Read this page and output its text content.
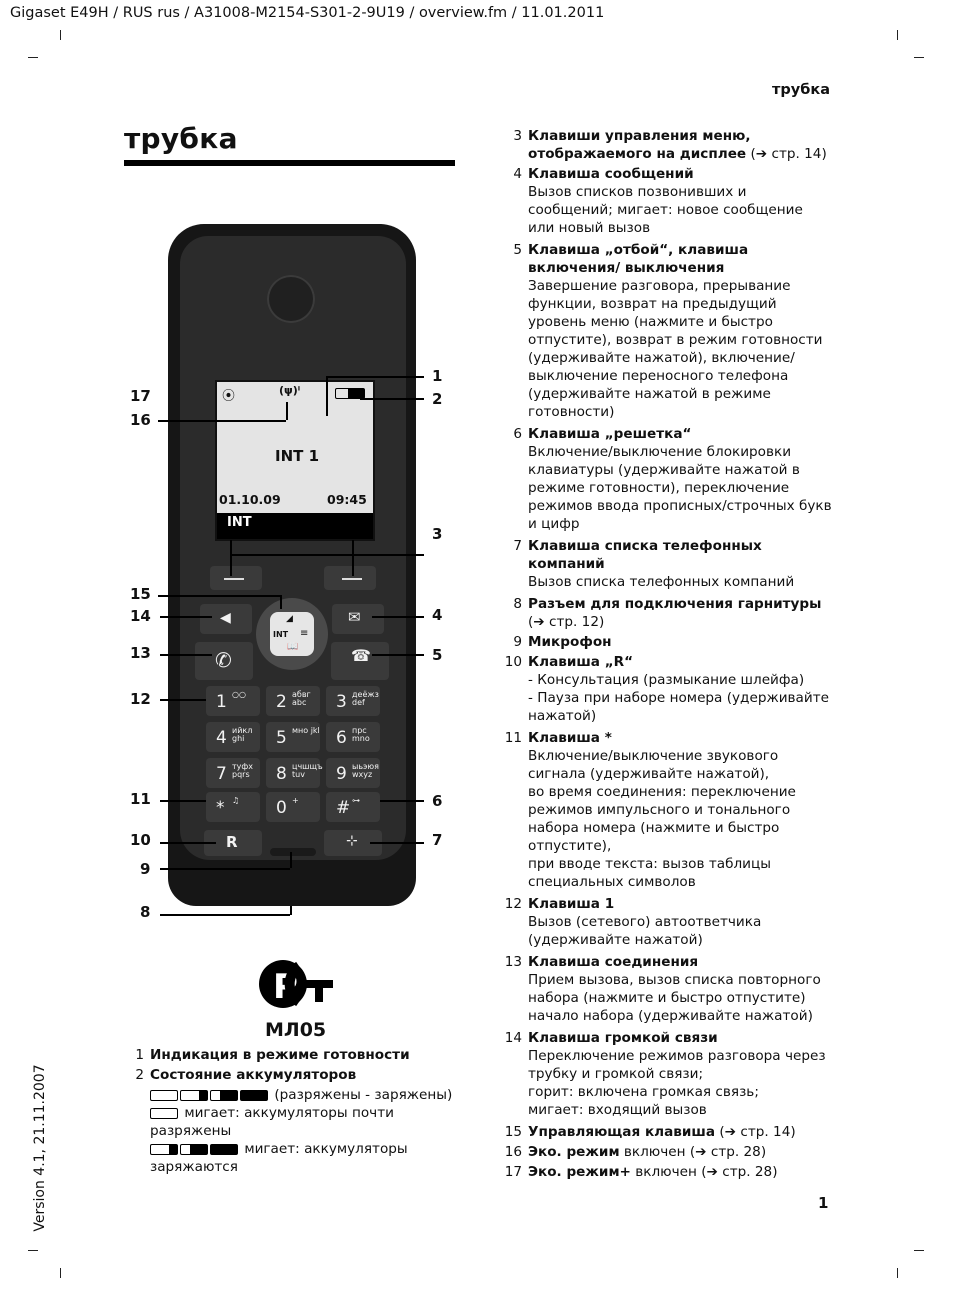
Gigaset E49H / RUS rus / A31008-M2154-S301-2-9U19 / overview.fm / 11.01.2011
трубка
трубка
Version 4.1, 21.11.2007	1
⦿	(ψ)ⁱ
INT 1
01.10.09	09:45
INT
◀	✉
✆	☎
INT
📖
≡
◢
R	⊹
1
2
3
4
5
6
7
8
9
10
11
12
13
14
15
16
17
Р
МЛ05
1 Индикация в режиме готовности
2 Состояние аккумуляторов
(разряжены - заряжены)
мигает: аккумуляторы почти разряжены
мигает: аккумуляторы заряжаются
3 Клавиши управления меню, отображаемого на дисплее (➔ стр. 14)
4 Клавиша сообщений
Вызов списков позвонивших и сообщений; мигает: новое сообщение или новый вызов
5 Клавиша „отбой“, клавиша включения/ выключения
Завершение разговора, прерывание функции, возврат на предыдущий уровень меню (нажмите и быстро отпустите), возврат в режим готовности (удерживайте нажатой), включение/выключение переносного телефона (удерживайте нажатой в режиме готовности)
6 Клавиша „решетка“
Включение/выключение блокировки клавиатуры (удерживайте нажатой в режиме готовности), переключение режимов ввода прописных/строчных букв и цифр
7 Клавиша списка телефонных компаний
Вызов списка телефонных компаний
8 Разъем для подключения гарнитуры
(➔ стр. 12)
9 Микрофон
10 Клавиша „R“
- Консультация (размыкание шлейфа)
- Пауза при наборе номера (удерживайте нажатой)
11 Клавиша *
Включение/выключение звукового сигнала (удерживайте нажатой),
во время соединения: переключение режимов импульсного и тонального набора номера (нажмите и быстро отпустите),
при вводе текста: вызов таблицы специальных символов
12 Клавиша 1
Вызов (сетевого) автоответчика (удерживайте нажатой)
13 Клавиша соединения
Прием вызова, вызов списка повторного набора (нажмите и быстро отпустите) начало набора (удерживайте нажатой)
14 Клавиша громкой связи
Переключение режимов разговора через трубку и громкой связи;
горит: включена громкая связь;
мигает: входящий вызов
15 Управляющая клавиша (➔ стр. 14)
16 Эко. режим включен (➔ стр. 28)
17 Эко. режим+ включен (➔ стр. 28)
1 ○○ 2 абвг abc	3 деёжз def
4 ийкл ghi	5 мно jkl 6 прс mno
7 туфх pqrs	8 цчшщъ tuv	9 ыьэюя wxyz
* ♫ 0 + # ⊶
